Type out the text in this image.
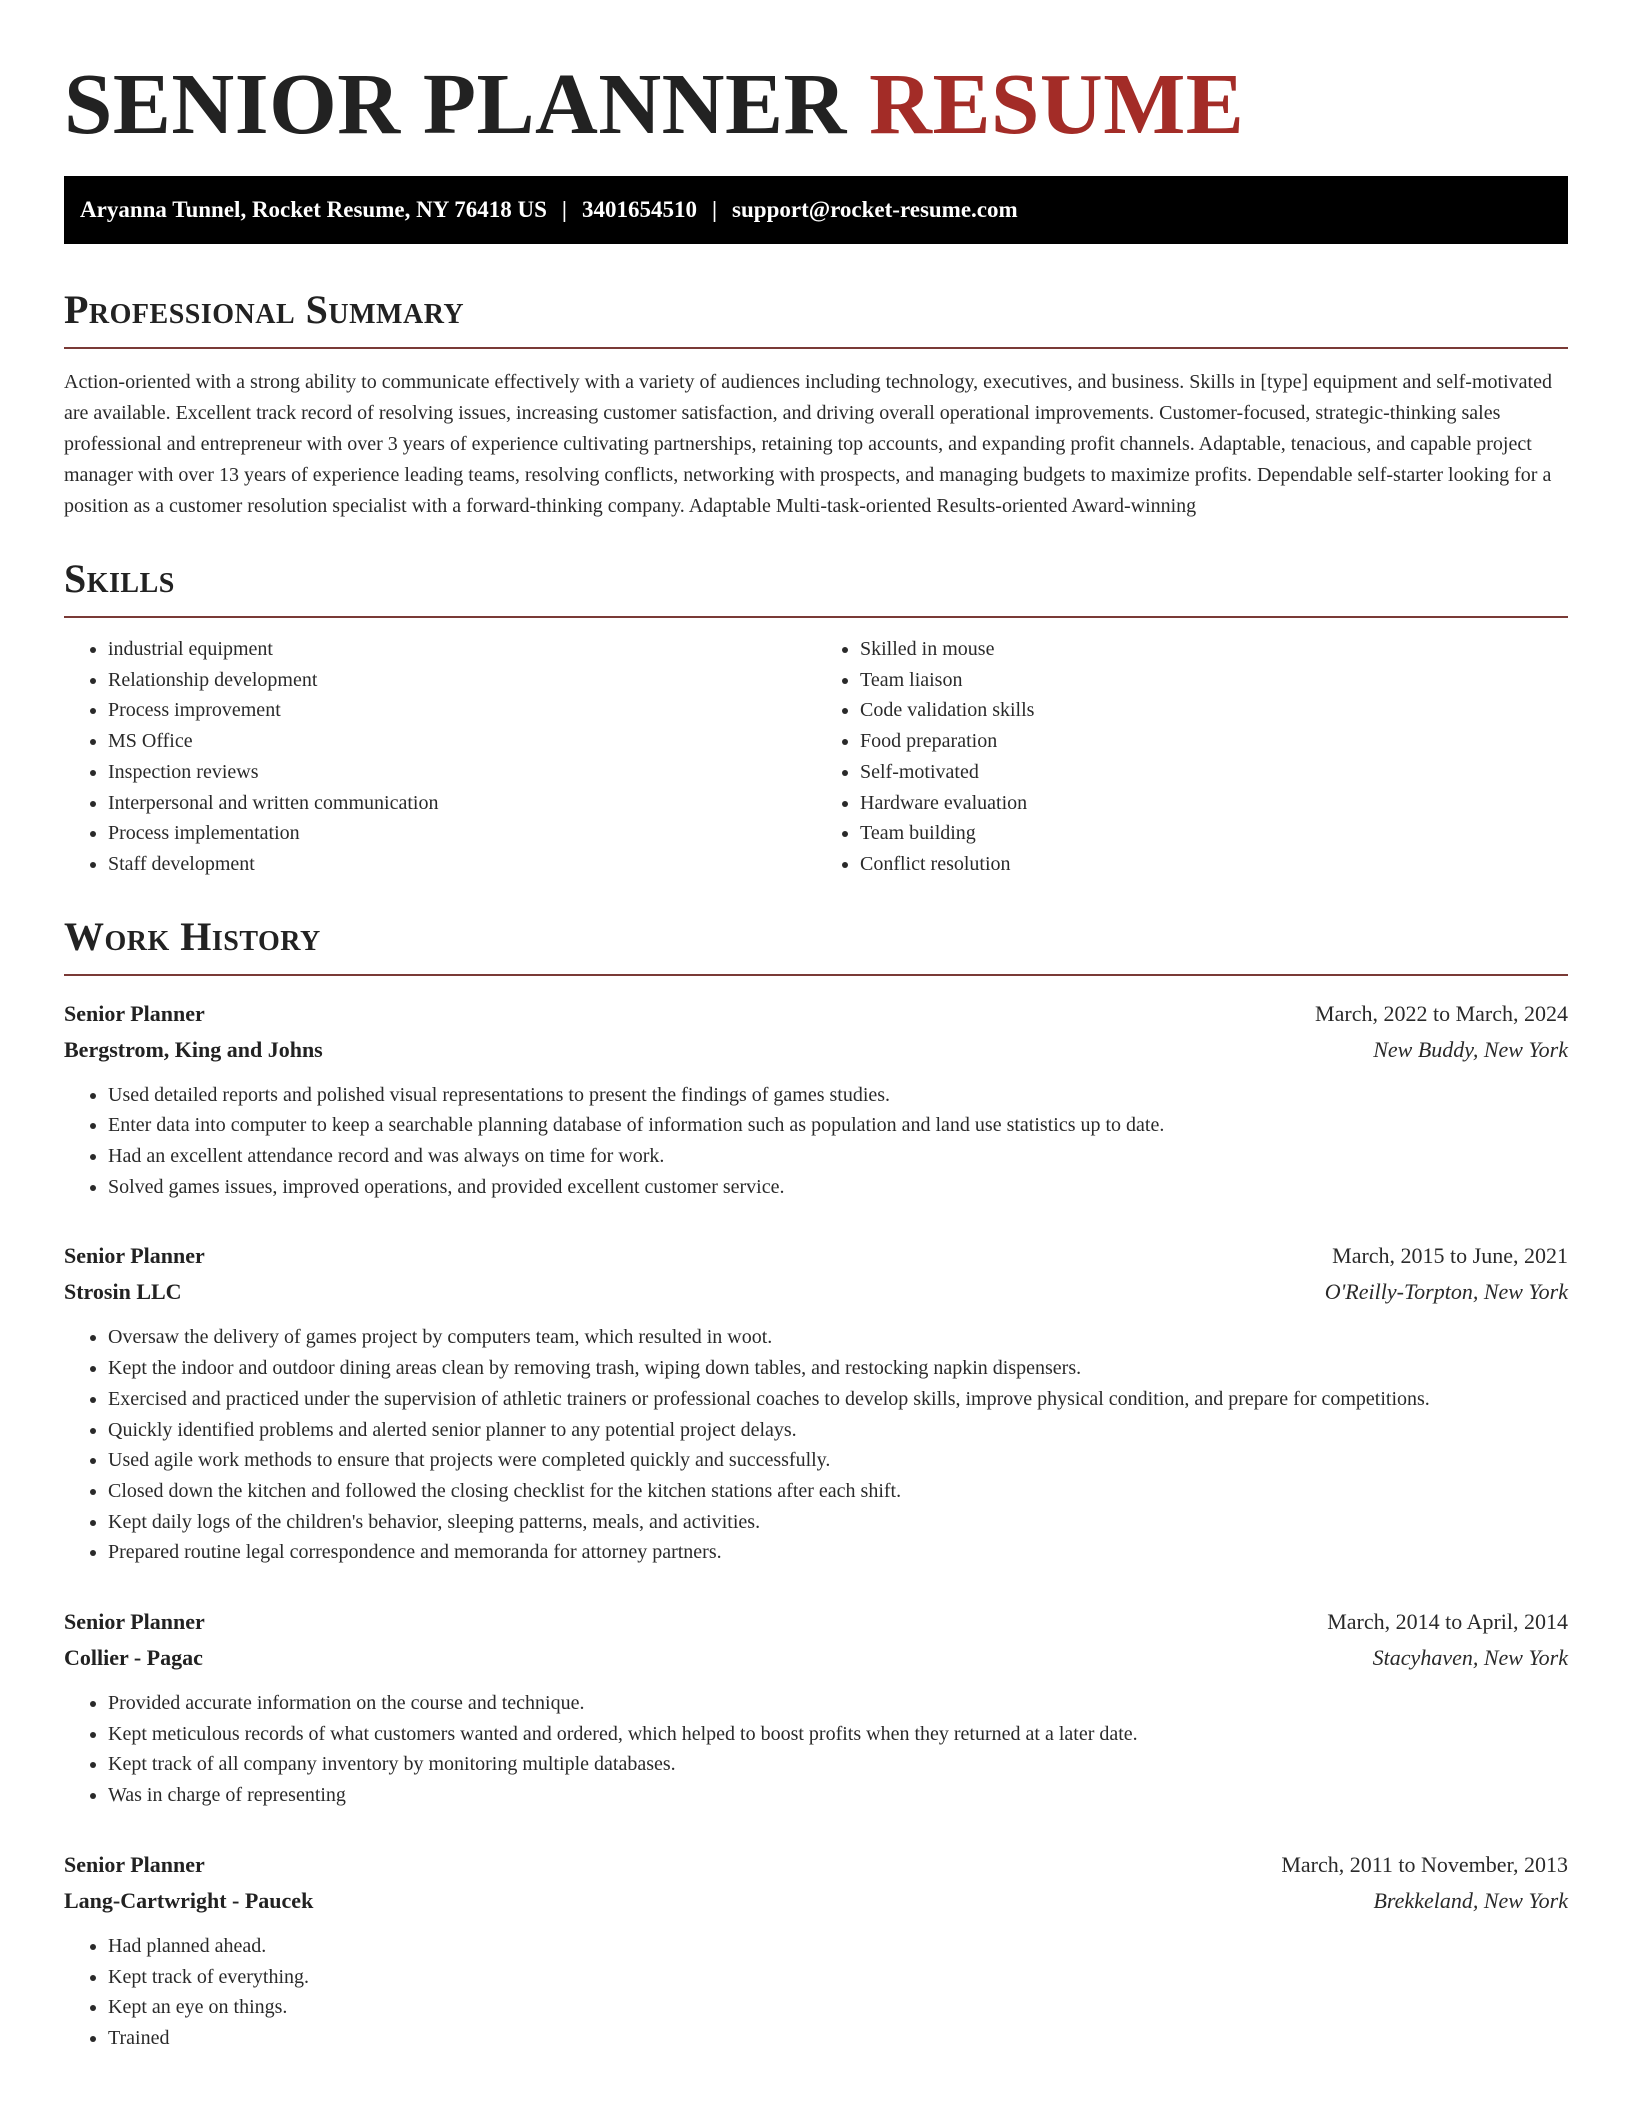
SENIOR PLANNER RESUME
Aryanna Tunnel, Rocket Resume, NY 76418 US | 3401654510 | support@rocket-resume.com
Professional Summary

Action-oriented with a strong ability to communicate effectively with a variety of audiences including technology, executives, and business. Skills in [type] equipment and self-motivated are available. Excellent track record of resolving issues, increasing customer satisfaction, and driving overall operational improvements. Customer-focused, strategic-thinking sales professional and entrepreneur with over 3 years of experience cultivating partnerships, retaining top accounts, and expanding profit channels. Adaptable, tenacious, and capable project manager with over 13 years of experience leading teams, resolving conflicts, networking with prospects, and managing budgets to maximize profits. Dependable self-starter looking for a position as a customer resolution specialist with a forward-thinking company. Adaptable Multi-task-oriented Results-oriented Award-winning

Skills
• industrial equipment
• Relationship development
• Process improvement
• MS Office
• Inspection reviews
• Interpersonal and written communication
• Process implementation
• Staff development
• Skilled in mouse
• Team liaison
• Code validation skills
• Food preparation
• Self-motivated
• Hardware evaluation
• Team building
• Conflict resolution
Work History
Senior Planner	March, 2022 to March, 2024
Bergstrom, King and Johns	New Buddy, New York
• Used detailed reports and polished visual representations to present the findings of games studies.
• Enter data into computer to keep a searchable planning database of information such as population and land use statistics up to date.
• Had an excellent attendance record and was always on time for work.
• Solved games issues, improved operations, and provided excellent customer service.
Senior Planner	March, 2015 to June, 2021
Strosin LLC	O'Reilly-Torpton, New York
• Oversaw the delivery of games project by computers team, which resulted in woot.
• Kept the indoor and outdoor dining areas clean by removing trash, wiping down tables, and restocking napkin dispensers.
• Exercised and practiced under the supervision of athletic trainers or professional coaches to develop skills, improve physical condition, and prepare for competitions.
• Quickly identified problems and alerted senior planner to any potential project delays.
• Used agile work methods to ensure that projects were completed quickly and successfully.
• Closed down the kitchen and followed the closing checklist for the kitchen stations after each shift.
• Kept daily logs of the children's behavior, sleeping patterns, meals, and activities.
• Prepared routine legal correspondence and memoranda for attorney partners.
Senior Planner	March, 2014 to April, 2014
Collier - Pagac	Stacyhaven, New York
• Provided accurate information on the course and technique.
• Kept meticulous records of what customers wanted and ordered, which helped to boost profits when they returned at a later date.
• Kept track of all company inventory by monitoring multiple databases.
• Was in charge of representing
Senior Planner	March, 2011 to November, 2013
Lang-Cartwright - Paucek	Brekkeland, New York
• Had planned ahead.
• Kept track of everything.
• Kept an eye on things.
• Trained
